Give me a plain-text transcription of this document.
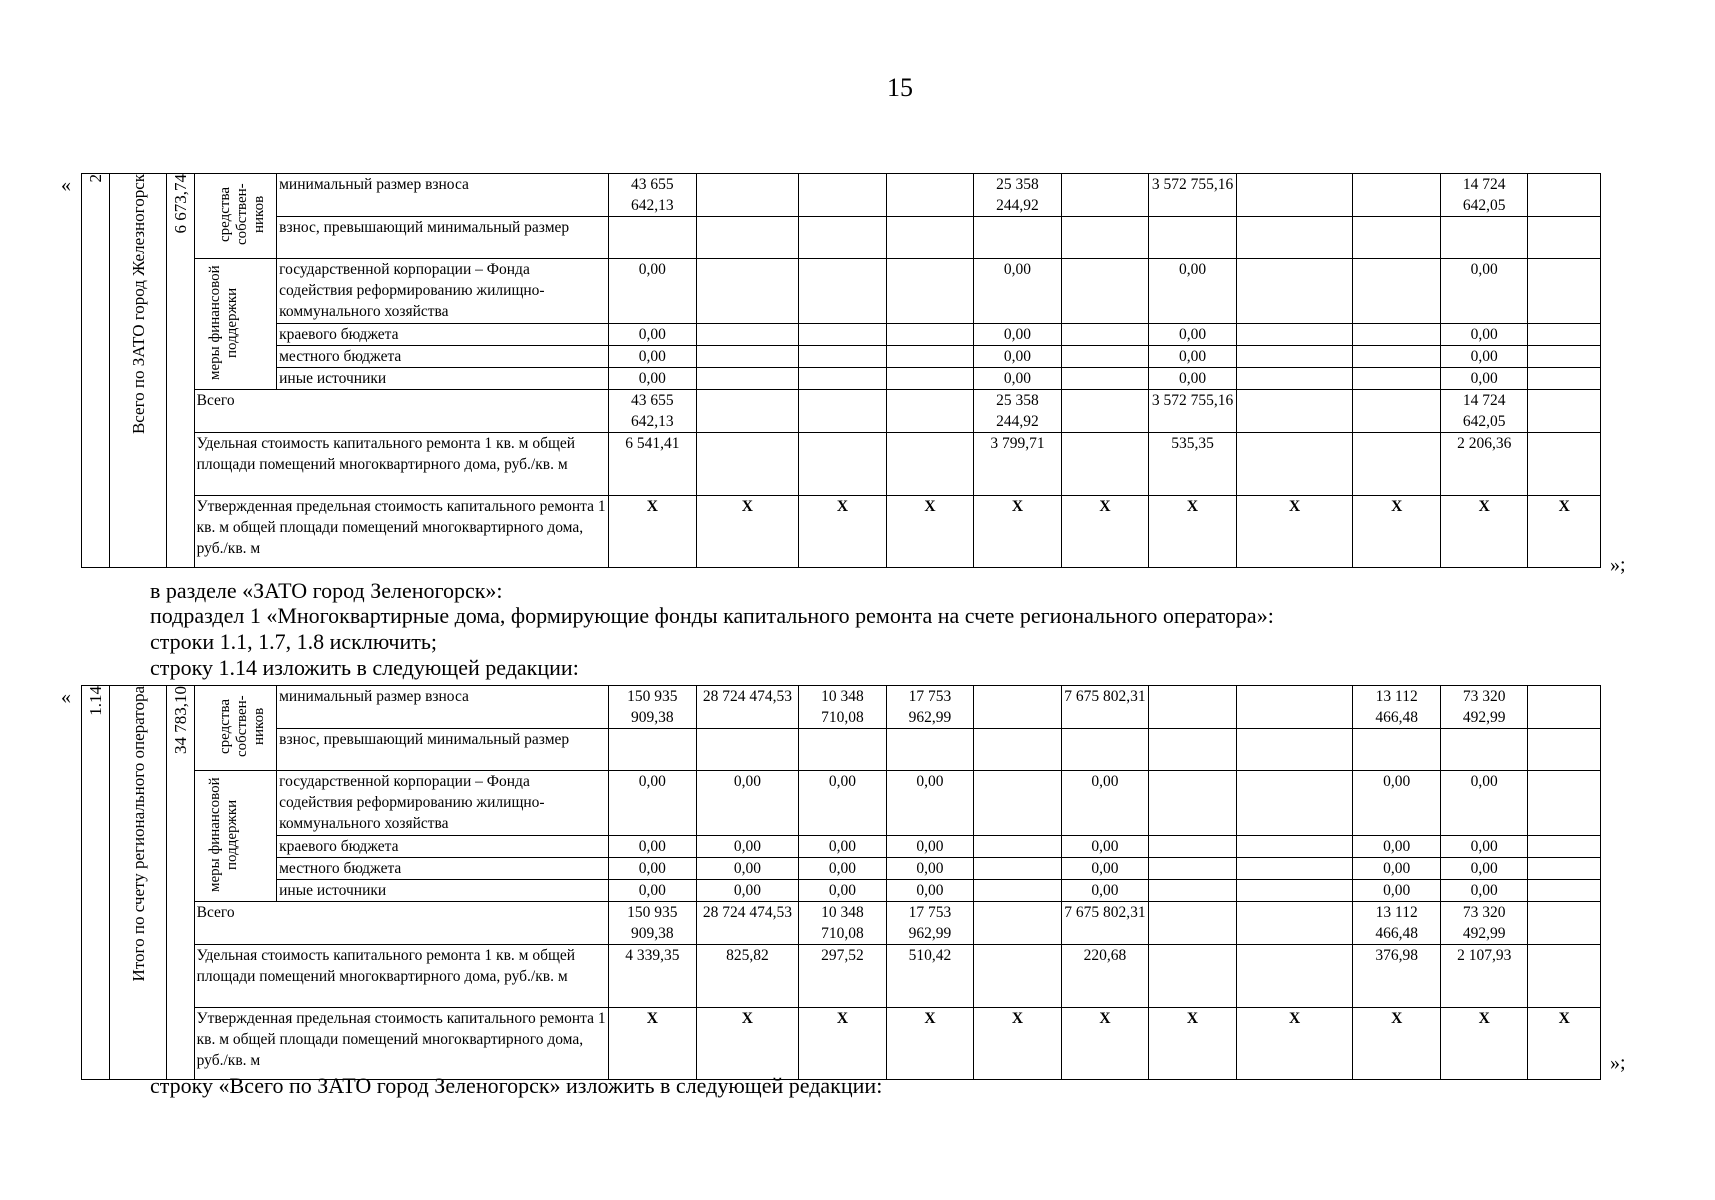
15
« 2	Всего по ЗАТО город Железногорск	6 673,74	средства собствен-ников	минимальный размер взноса	43 655 642,13				25 358 244,92		3 572 755,16			14 724 642,05	
				взнос, превышающий минимальный размер											

			меры финансовой поддержки	государственной корпорации – Фонда содействия реформированию жилищно-коммунального хозяйства	0,00				0,00		0,00			0,00	
				краевого бюджета	0,00				0,00		0,00			0,00	
				местного бюджета	0,00				0,00		0,00			0,00	
				иные источники	0,00				0,00		0,00			0,00	
			Всего		43 655 642,13				25 358 244,92		3 572 755,16			14 724 642,05	
			Удельная стоимость капитального ремонта 1 кв. м общей площади помещений многоквартирного дома, руб./кв. м		6 541,41				3 799,71		535,35			2 206,36	
			Утвержденная предельная стоимость капитального ремонта 1 кв. м общей площади помещений многоквартирного дома, руб./кв. м		X	X	X	X	X	X	X	X	X	X	X
»;
в разделе «ЗАТО город Зеленогорск»:
подраздел 1 «Многоквартирные дома, формирующие фонды капитального ремонта на счете регионального оператора»:
строки 1.1, 1.7, 1.8 исключить;
строку 1.14 изложить в следующей редакции:
« 1.14	Итого по счету регионального оператора	34 783,10	средства собствен-ников	минимальный размер взноса	150 935 909,38	28 724 474,53	10 348 710,08	17 753 962,99		7 675 802,31			13 112 466,48	73 320 492,99	
				взнос, превышающий минимальный размер											

			меры финансовой поддержки	государственной корпорации – Фонда содействия реформированию жилищно-коммунального хозяйства	0,00	0,00	0,00	0,00		0,00			0,00	0,00	
				краевого бюджета	0,00	0,00	0,00	0,00		0,00			0,00	0,00	
				местного бюджета	0,00	0,00	0,00	0,00		0,00			0,00	0,00	
				иные источники	0,00	0,00	0,00	0,00		0,00			0,00	0,00	
			Всего		150 935 909,38	28 724 474,53	10 348 710,08	17 753 962,99		7 675 802,31			13 112 466,48	73 320 492,99	
			Удельная стоимость капитального ремонта 1 кв. м общей площади помещений многоквартирного дома, руб./кв. м		4 339,35	825,82	297,52	510,42		220,68			376,98	2 107,93	
			Утвержденная предельная стоимость капитального ремонта 1 кв. м общей площади помещений многоквартирного дома, руб./кв. м		X	X	X	X	X	X	X	X	X	X	X
»;
строку «Всего по ЗАТО город Зеленогорск» изложить в следующей редакции:
